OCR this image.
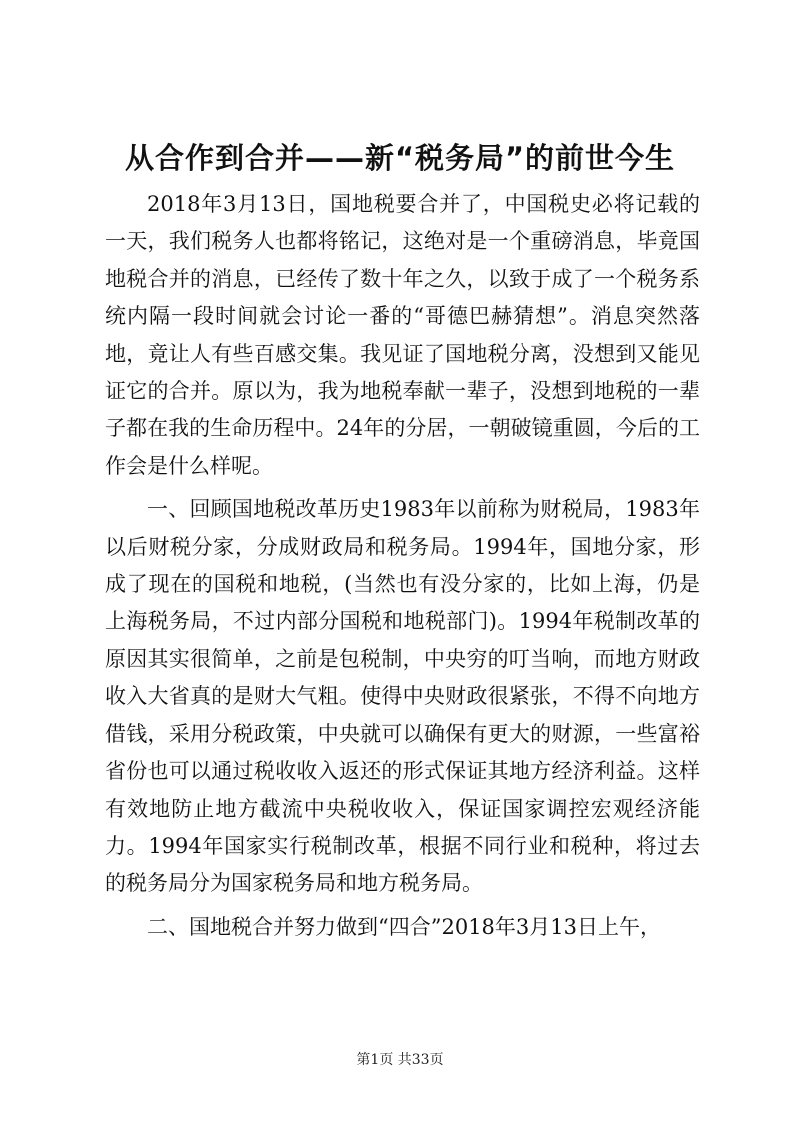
从合作到合并——新“税务局”的前世今生

2018年3月13日，国地税要合并了，中国税史必将记载的一天，我们税务人也都将铭记，这绝对是一个重磅消息，毕竟国地税合并的消息，已经传了数十年之久，以致于成了一个税务系统内隔一段时间就会讨论一番的“哥德巴赫猜想”。消息突然落地，竟让人有些百感交集。我见证了国地税分离，没想到又能见证它的合并。原以为，我为地税奉献一辈子，没想到地税的一辈子都在我的生命历程中。24年的分居，一朝破镜重圆，今后的工作会是什么样呢。

一、回顾国地税改革历史1983年以前称为财税局，1983年以后财税分家，分成财政局和税务局。1994年，国地分家，形成了现在的国税和地税，(当然也有没分家的，比如上海，仍是上海税务局，不过内部分国税和地税部门)。1994年税制改革的原因其实很简单，之前是包税制，中央穷的叮当响，而地方财政收入大省真的是财大气粗。使得中央财政很紧张，不得不向地方借钱，采用分税政策，中央就可以确保有更大的财源，一些富裕省份也可以通过税收收入返还的形式保证其地方经济利益。这样有效地防止地方截流中央税收收入，保证国家调控宏观经济能力。1994年国家实行税制改革，根据不同行业和税种，将过去的税务局分为国家税务局和地方税务局。

二、国地税合并努力做到“四合”2018年3月13日上午，

第1页 共33页
